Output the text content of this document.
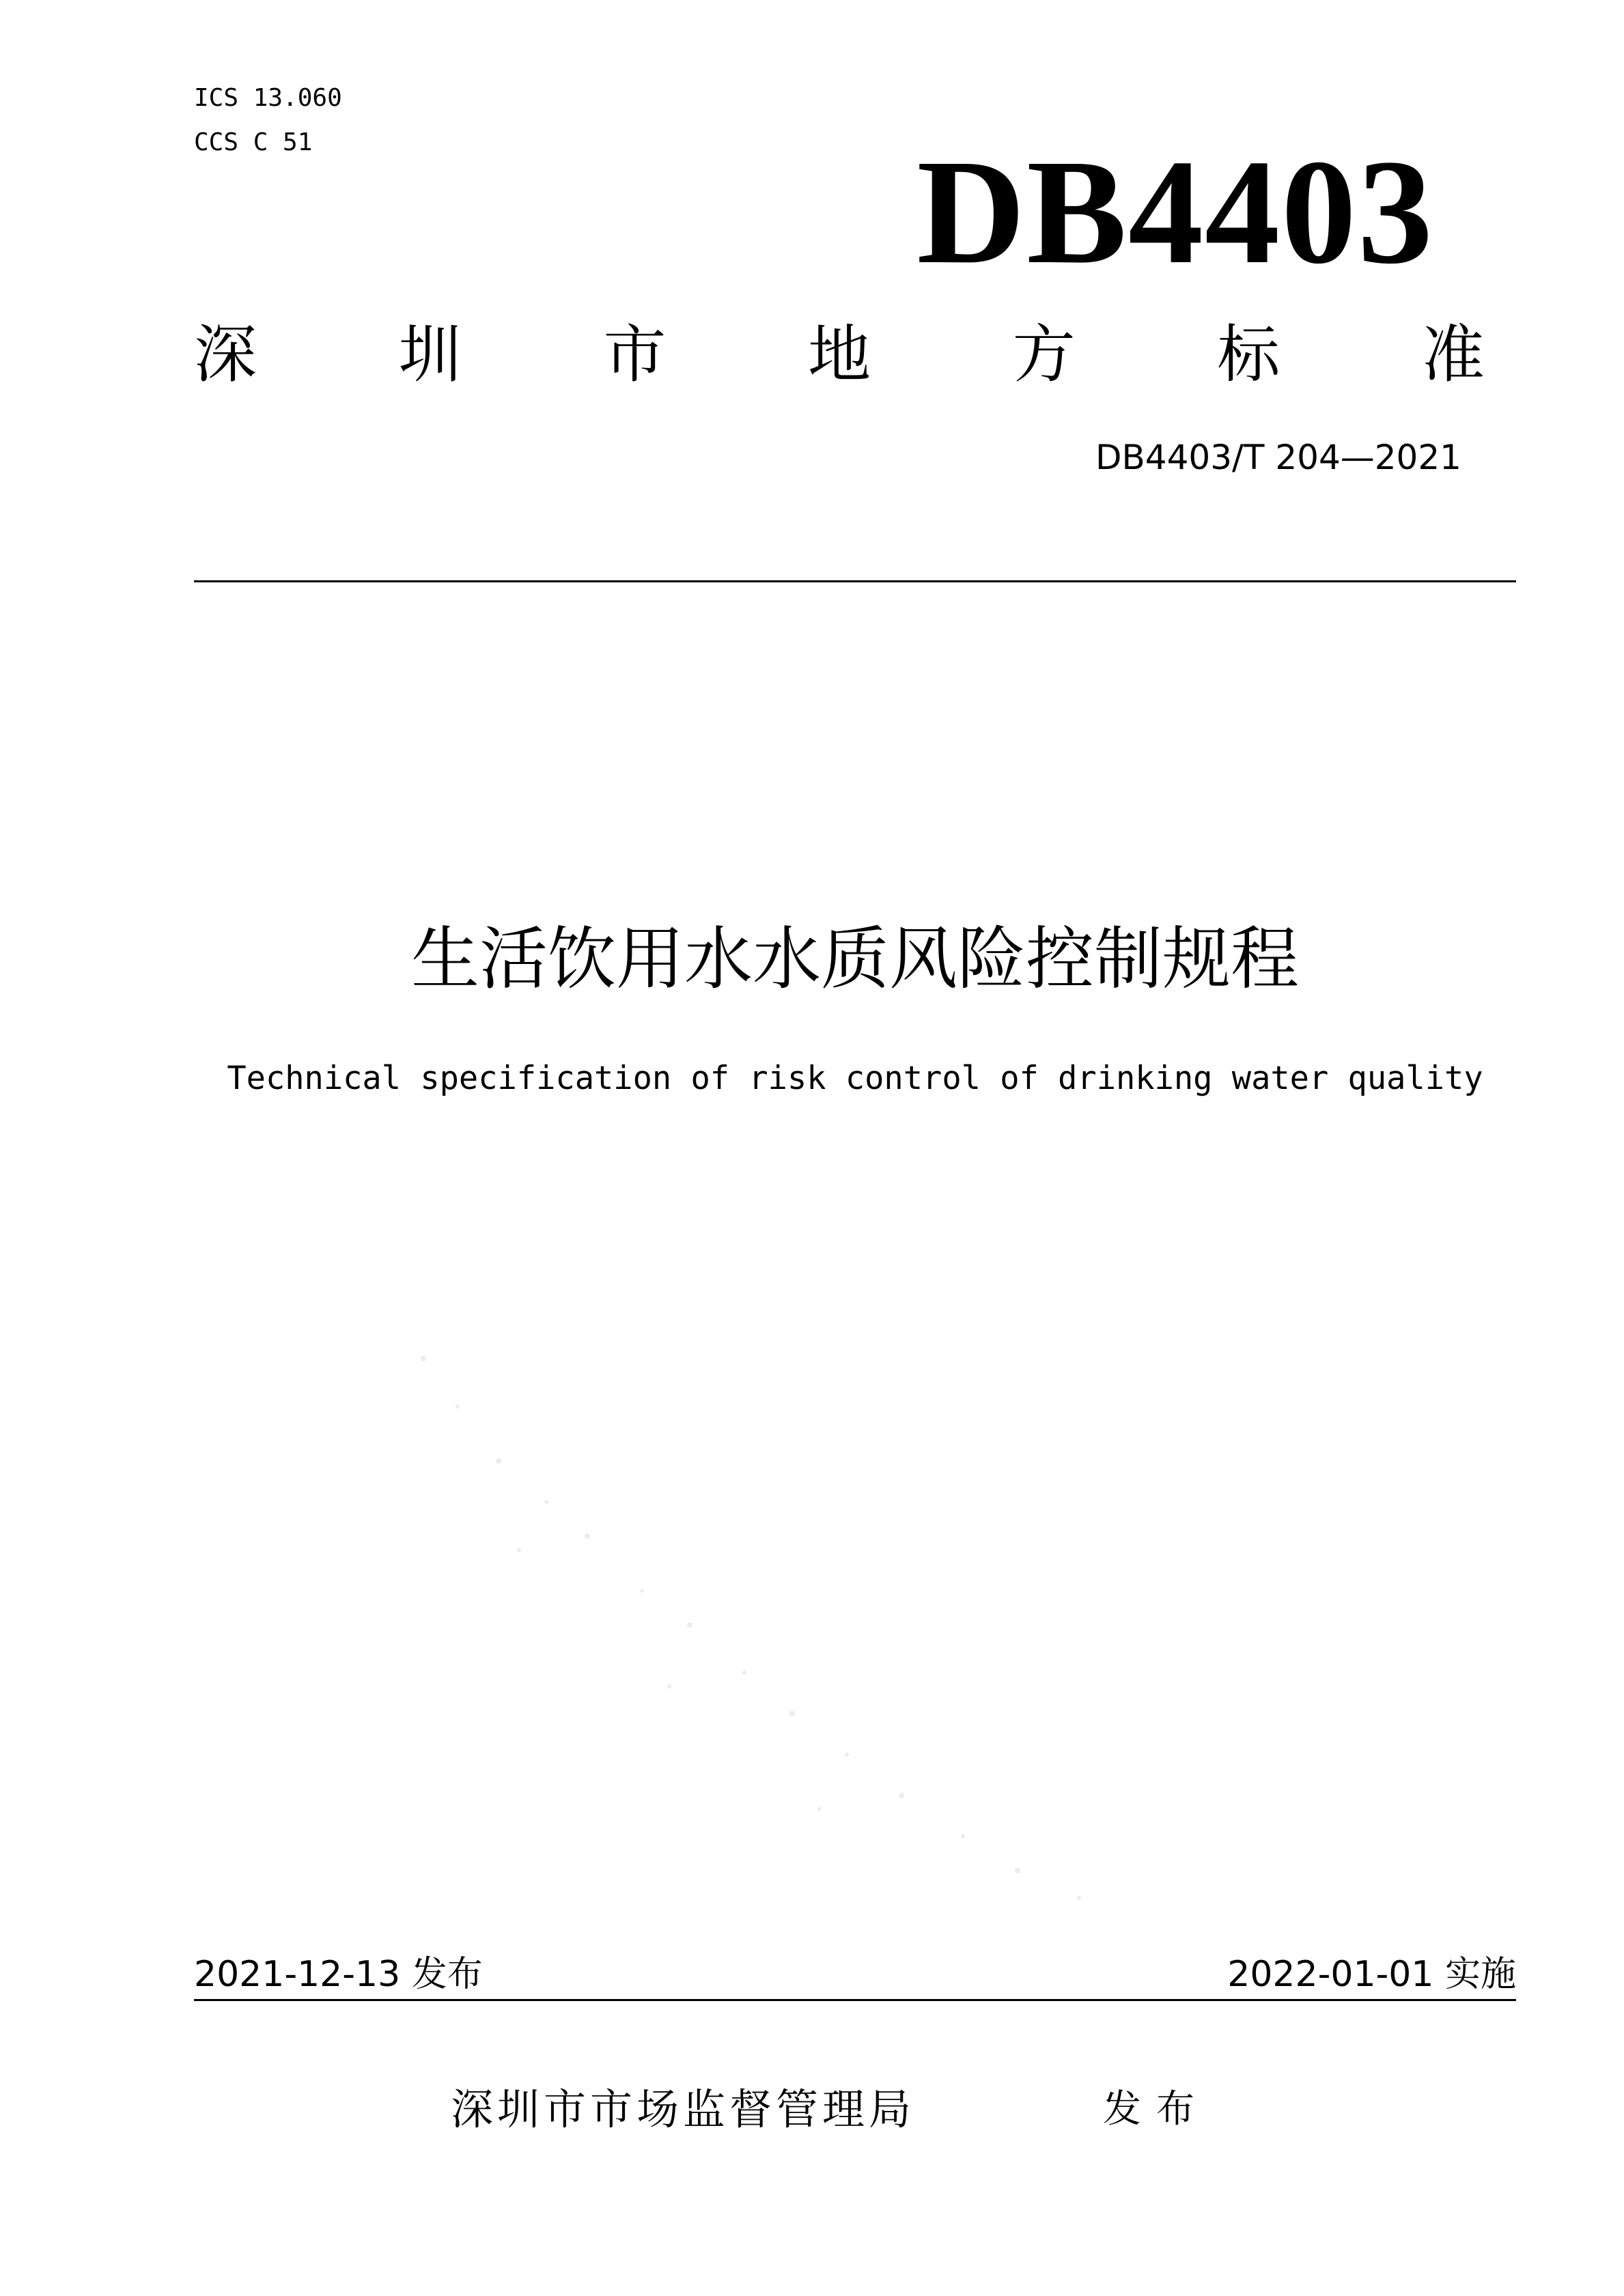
ICS 13.060
CCS C 51	DB4403
深 圳 市 地 方 标 准
DB4403/T 204—2021
生活饮用水水质风险控制规程
Technical specification of risk control of drinking water quality
2021-12-13 发布	2022-01-01 实施
深圳市市场监督管理局	发布
